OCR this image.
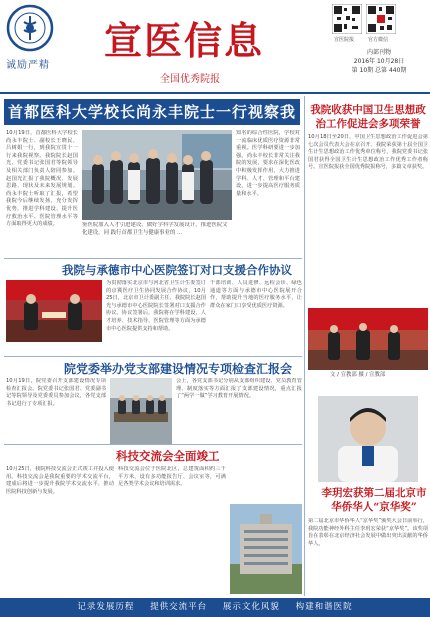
诚励严精
宣医信息
全国优秀院报
宣医院报	官方微信
内部刊物
2016年 10月28日
第 10期 总第 440期
首都医科大学校长尚永丰院士一行视察我	我院收获中国卫生思想政治工作促进会多项荣誉
10月19日，首都医科大学校长尚永丰院士、副校长王晓民、吕树娟一行，到我院宣贯十一行来我院视察。我院院长赵国光、党委书记张国君等院领导及相关部门负责人陪同参加。赵国光汇报了我院概况、发展思路、现状及未来发展规划。尚永丰院士听取了汇报，希望我院今后继续发扬、充分发挥优势，推进学科建设、提升医疗救治水平、医院管理水平等方面取得更大的成绩。
知名的综合性医院，学校对一流临床优质医疗资源非常重视。医学科研要进一步加强。尚永丰校长非常关注我院的发展，要求在深化医改中积极发挥作用，大力推进学科、人才、管理和平台建设，进一步提高医疗服务质量和水平。
鉴医院加入人才引进建设，做好学科学发展设计，推进医院文化建设。同 践行首都卫生与健康事业的 ...
10月18日至20日，中国卫生思想政治工作促进会第七次会员代表大会在京召开。我院荣获第十届全国卫生计生思想政治工作优秀单位称号，我院党委书记张国君获得全国卫生计生思想政治工作优秀工作者称号。宣医院报获全国优秀院报称号，多篇文章获奖。
文 / 宣教部 摄 / 宣教部
我院与承德市中心医院签订对口支援合作协议
为贯彻落实北京市与河北省卫生计生委签订的京冀医疗卫生协同发展合作协议，10月25日，北京市卫计委副主任、我院院长赵国光与承德市中心医院院长签署对口支援合作协议。协议签署后，我院将在学科建设、人才培养、技术指导、医院管理等方面为承德市中心医院提供支持和帮助。
干部培训、人员进修、远程会诊、绿色通道等方面与承德市中心医院展开合作，帮助提升当地的医疗服务水平，让群众在家门口享受优质医疗资源。
院党委举办党支部建设情况专项检查汇报会
10月19日，院党委召开支部建设情况专项检查汇报会。院党委书记张国君、党委副书记等院领导及党委委员参加会议，各党支部书记进行了专项汇报。
会上，各党支部书记分别从支部组织建设、党员教育管理、制度落实等方面汇报了支部建设情况，重点汇报了“两学一做”学习教育开展情况。
科技交流会全面竣工
10月25日，我院科技交流会正式竣工并投入使用。科技交流会是我院重要的学术交流平台，建成后将进一步提升我院学术交流水平，推动医院科技创新与发展。
科技交流会位于医院北区，总建筑面积约三千平方米，设有多功能报告厅、会议室等，可满足各类学术会议和培训需求。
李玥宏获第二届北京市华侨华人“京华奖”
第二届北京市华侨华人“京华奖”颁奖大会日前举行，我院功能神经外科主任李玥宏荣获“京华奖”。该奖项旨在表彰在北京经济社会发展中做出突出贡献的华侨华人。
记录发展历程 提供交流平台 展示文化风貌 构建和谐医院
